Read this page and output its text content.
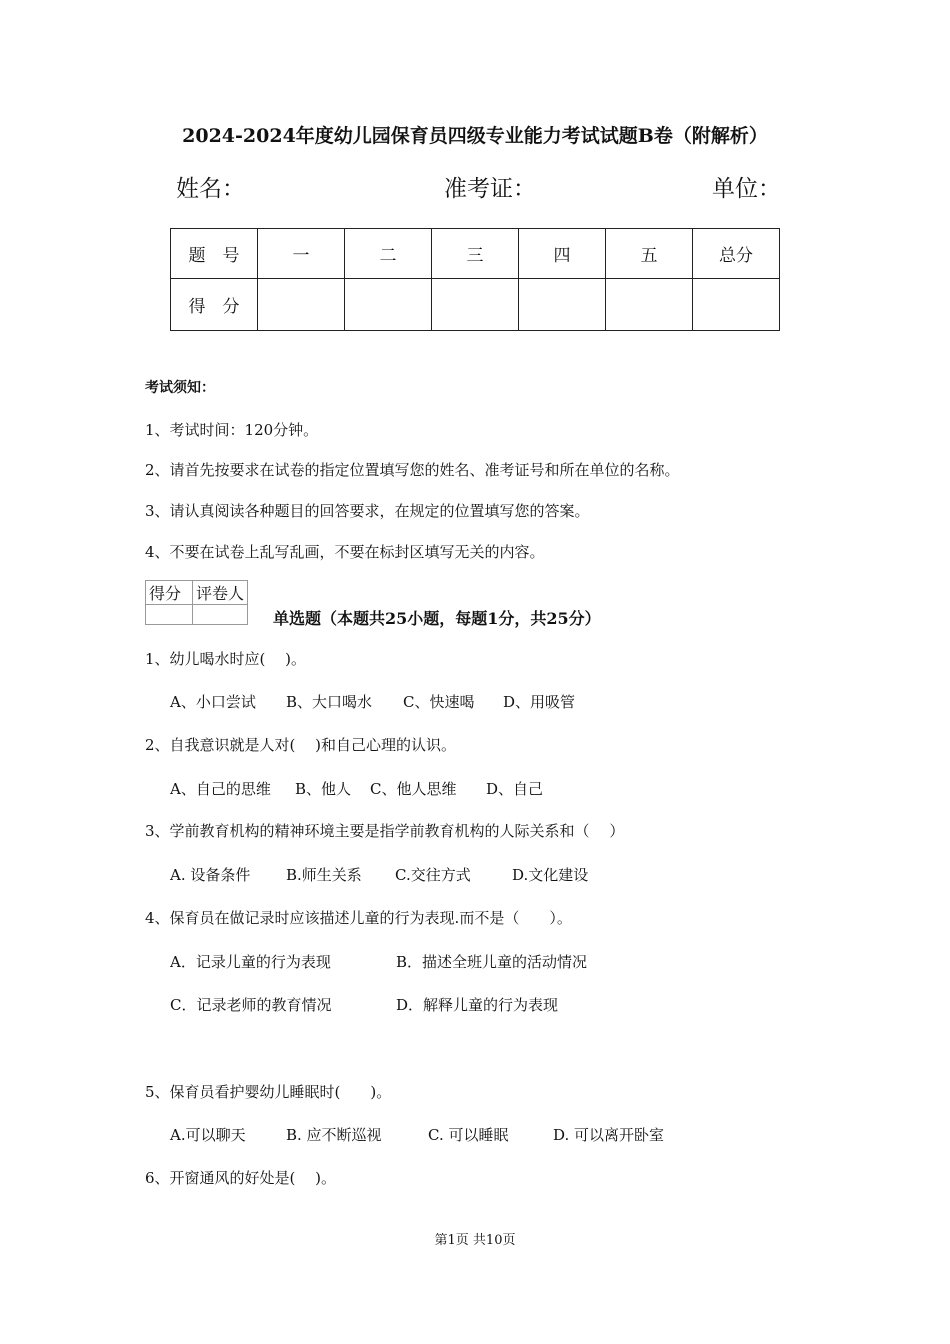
2024-2024年度幼儿园保育员四级专业能力考试试题B卷（附解析）
姓名：	准考证：	单位：
题　号	一	二	三	四	五	总分
得　分						
考试须知：
1、考试时间：120分钟。
2、请首先按要求在试卷的指定位置填写您的姓名、准考证号和所在单位的名称。
3、请认真阅读各种题目的回答要求，在规定的位置填写您的答案。
4、不要在试卷上乱写乱画，不要在标封区填写无关的内容。
得分	评卷人

单选题（本题共25小题，每题1分，共25分）
1、幼儿喝水时应(　 )。
A、小口尝试 B、大口喝水 C、快速喝 D、用吸管
2、自我意识就是人对(　 )和自己心理的认识。
A、自己的思维 B、他人 C、他人思维 D、自己
3、学前教育机构的精神环境主要是指学前教育机构的人际关系和（　 ）
A. 设备条件 B.师生关系 C.交往方式	D.文化建设
4、保育员在做记录时应该描述儿童的行为表现.而不是（　　）。
A．记录儿童的行为表现	B．描述全班儿童的活动情况
C．记录老师的教育情况	D．解释儿童的行为表现
5、保育员看护婴幼儿睡眠时(　　)。
A.可以聊天	B. 应不断巡视	C. 可以睡眠	D. 可以离开卧室
6、开窗通风的好处是(　 )。
第1页 共10页
